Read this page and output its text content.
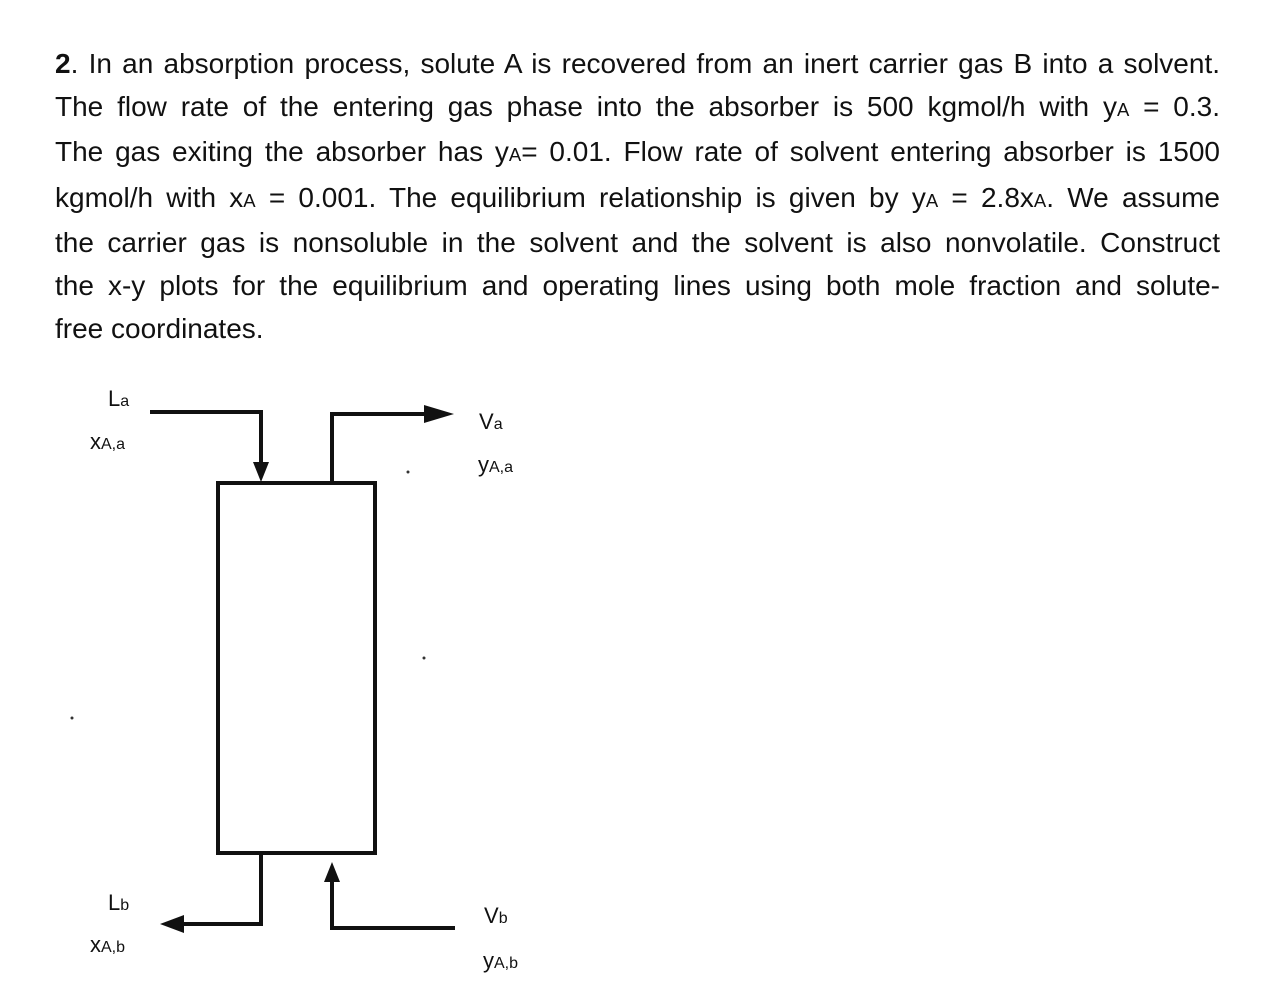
2. In an absorption process, solute A is recovered from an inert carrier gas B into a solvent.
The flow rate of the entering gas phase into the absorber is 500 kgmol/h with yA = 0.3.
The gas exiting the absorber has yA= 0.01. Flow rate of solvent entering absorber is 1500
kgmol/h with xA = 0.001. The equilibrium relationship is given by yA = 2.8xA. We assume
the carrier gas is nonsoluble in the solvent and the solvent is also nonvolatile. Construct
the x-y plots for the equilibrium and operating lines using both mole fraction and solute-
free coordinates.
La
xA,a
Va
yA,a
Lb
xA,b
Vb
yA,b
